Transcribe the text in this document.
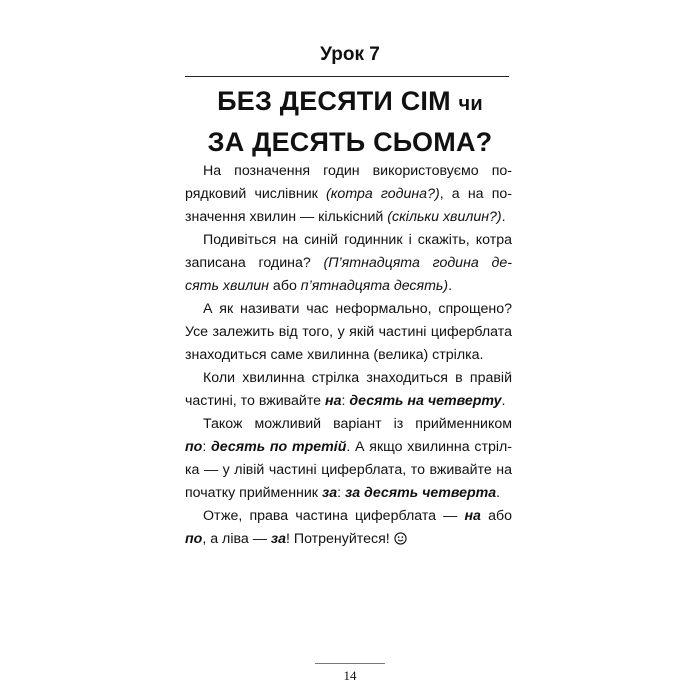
Урок 7
БЕЗ ДЕСЯТИ СІМ чи
ЗА ДЕСЯТЬ СЬОМА?
На позначення годин використовуємо по-
рядковий числівник (котра година?), а на по-
значення хвилин — кількісний (скільки хвилин?).
Подивіться на синій годинник і скажіть, котра
записана година? (П’ятнадцята година де-
сять хвилин або п’ятнадцята десять).
А як називати час неформально, спрощено?
Усе залежить від того, у якій частині циферблата
знаходиться саме хвилинна (велика) стрілка.
Коли хвилинна стрілка знаходиться в правій
частині, то вживайте на: десять на четверту.
Також можливий варіант із прийменником
по: десять по третій. А якщо хвилинна стріл-
ка — у лівій частині циферблата, то вживайте на
початку прийменник за: за десять четверта.
Отже, права частина циферблата — на або
по, а ліва — за! Потренуйтеся!
14
